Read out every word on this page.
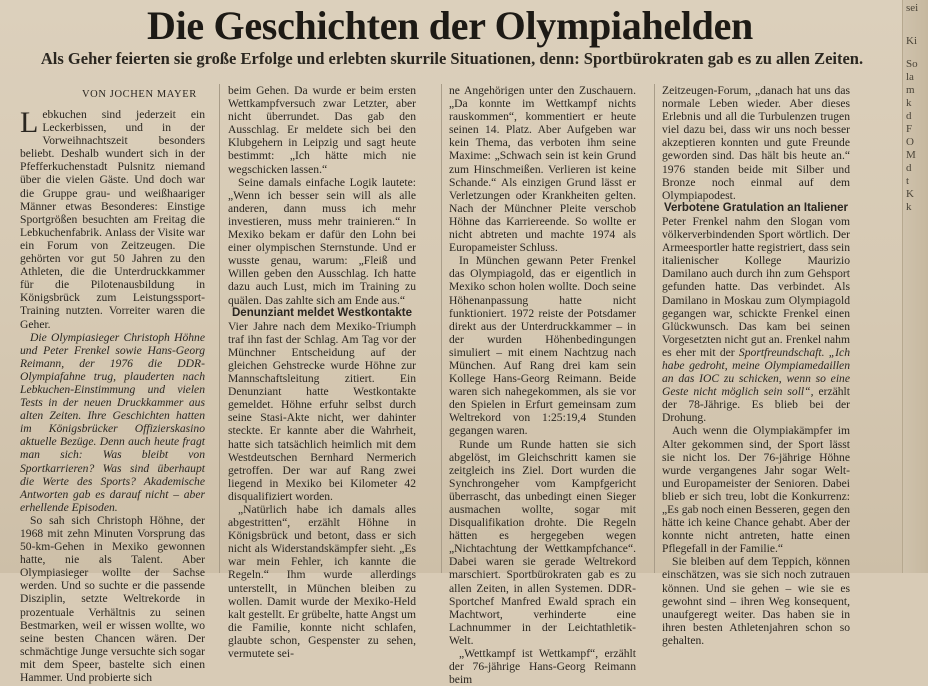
Die Geschichten der Olympiahelden
Als Geher feierten sie große Erfolge und erlebten skurrile Situationen, denn: Sportbürokraten gab es zu allen Zeiten.
VON JOCHEN MAYER

Lebkuchen sind jederzeit ein Leckerbissen, und in der Vorweihnachtszeit besonders beliebt. Deshalb wundert sich in der Pfefferkuchenstadt Pulsnitz niemand über die vielen Gäste. Und doch war die Gruppe grau- und weißhaariger Männer etwas Besonderes: Einstige Sportgrößen besuchten am Freitag die Lebkuchenfabrik. Anlass der Visite war ein Forum von Zeitzeugen. Die gehörten vor gut 50 Jahren zu den Athleten, die die Unterdruckkammer für die Pilotenausbildung in Königsbrück zum Leistungssport-Training nutzten. Vorreiter waren die Geher.

Die Olympiasieger Christoph Höhne und Peter Frenkel sowie Hans-Georg Reimann, der 1976 die DDR-Olympiafahne trug, plauderten nach Lebkuchen-Einstimmung und vielen Tests in der neuen Druckkammer aus alten Zeiten. Ihre Geschichten hatten im Königsbrücker Offizierskasino aktuelle Bezüge. Denn auch heute fragt man sich: Was bleibt von Sportkarrieren? Was sind überhaupt die Werte des Sports? Akademische Antworten gab es darauf nicht – aber erhellende Episoden.

So sah sich Christoph Höhne, der 1968 mit zehn Minuten Vorsprung das 50-km-Gehen in Mexiko gewonnen hatte, nie als Talent. Aber Olympiasieger wollte der Sachse werden. Und so suchte er die passende Disziplin, setzte Weltrekorde in prozentuale Verhältnis zu seinen Bestmarken, weil er wissen wollte, wo seine besten Chancen wären. Der schmächtige Junge versuchte sich sogar mit dem Speer, bastelte sich einen Hammer. Und probierte sich

beim Gehen. Da wurde er beim ersten Wettkampfversuch zwar Letzter, aber nicht überrundet. Das gab den Ausschlag. Er meldete sich bei den Klubgehern in Leipzig und sagt heute bestimmt: „Ich hätte mich nie wegschicken lassen.“

Seine damals einfache Logik lautete: „Wenn ich besser sein will als alle anderen, dann muss ich mehr investieren, muss mehr trainieren.“ In Mexiko bekam er dafür den Lohn bei einer olympischen Sternstunde. Und er wusste genau, warum: „Fleiß und Willen geben den Ausschlag. Ich hatte dazu auch Lust, mich im Training zu quälen. Das zahlte sich am Ende aus.“

Denunziant meldet Westkontakte

Vier Jahre nach dem Mexiko-Triumph traf ihn fast der Schlag. Am Tag vor der Münchner Entscheidung auf der gleichen Gehstrecke wurde Höhne zur Mannschaftsleitung zitiert. Ein Denunziant hatte Westkontakte gemeldet. Höhne erfuhr selbst durch seine Stasi-Akte nicht, wer dahinter steckte. Er kannte aber die Wahrheit, hatte sich tatsächlich heimlich mit dem Westdeutschen Bernhard Nermerich getroffen. Der war auf Rang zwei liegend in Mexiko bei Kilometer 42 disqualifiziert worden.

„Natürlich habe ich damals alles abgestritten“, erzählt Höhne in Königsbrück und betont, dass er sich nicht als Widerstandskämpfer sieht. „Es war mein Fehler, ich kannte die Regeln.“ Ihm wurde allerdings unterstellt, in München bleiben zu wollen. Damit wurde der Mexiko-Held kalt gestellt. Er grübelte, hatte Angst um die Familie, konnte nicht schlafen, glaubte schon, Gespenster zu sehen, vermutete sei-

ne Angehörigen unter den Zuschauern. „Da konnte im Wettkampf nichts rauskommen“, kommentiert er heute seinen 14. Platz. Aber Aufgeben war kein Thema, das verboten ihm seine Maxime: „Schwach sein ist kein Grund zum Hinschmeißen. Verlieren ist keine Schande.“ Als einzigen Grund lässt er Verletzungen oder Krankheiten gelten. Nach der Münchner Pleite verschob Höhne das Karriereende. So wollte er nicht abtreten und machte 1974 als Europameister Schluss.

In München gewann Peter Frenkel das Olympiagold, das er eigentlich in Mexiko schon holen wollte. Doch seine Höhenanpassung hatte nicht funktioniert. 1972 reiste der Potsdamer direkt aus der Unterdruckkammer – in der wurden Höhenbedingungen simuliert – mit einem Nachtzug nach München. Auf Rang drei kam sein Kollege Hans-Georg Reimann. Beide waren sich nahegekommen, als sie vor den Spielen in Erfurt gemeinsam zum Weltrekord von 1:25:19,4 Stunden gegangen waren.

Runde um Runde hatten sie sich abgelöst, im Gleichschritt kamen sie zeitgleich ins Ziel. Dort wurden die Synchrongeher vom Kampfgericht überrascht, das unbedingt einen Sieger ausmachen wollte, sogar mit Disqualifikation drohte. Die Regeln hätten es hergegeben wegen „Nichtachtung der Wettkampfchance“. Dabei waren sie gerade Weltrekord marschiert. Sportbürokraten gab es zu allen Zeiten, in allen Systemen. DDR-Sportchef Manfred Ewald sprach ein Machtwort, verhinderte eine Lachnummer in der Leichtathletik-Welt.

„Wettkampf ist Wettkampf“, erzählt der 76-jährige Hans-Georg Reimann beim

Zeitzeugen-Forum, „danach hat uns das normale Leben wieder. Aber dieses Erlebnis und all die Turbulenzen trugen viel dazu bei, dass wir uns noch besser akzeptieren konnten und gute Freunde geworden sind. Das hält bis heute an.“ 1976 standen beide mit Silber und Bronze noch einmal auf dem Olympiapodest.

Verbotene Gratulation an Italiener

Peter Frenkel nahm den Slogan vom völkerverbindenden Sport wörtlich. Der Armeesportler hatte registriert, dass sein italienischer Kollege Maurizio Damilano auch durch ihn zum Gehsport gefunden hatte. Das verbindet. Als Damilano in Moskau zum Olympiagold gegangen war, schickte Frenkel einen Glückwunsch. Das kam bei seinen Vorgesetzten nicht gut an. Frenkel nahm es eher mit der Sportfreundschaft. „Ich habe gedroht, meine Olympiamedaillen an das IOC zu schicken, wenn so eine Geste nicht möglich sein soll“, erzählt der 78-Jährige. Es blieb bei der Drohung.

Auch wenn die Olympiakämpfer im Alter gekommen sind, der Sport lässt sie nicht los. Der 76-jährige Höhne wurde vergangenes Jahr sogar Welt- und Europameister der Senioren. Dabei blieb er sich treu, lobt die Konkurrenz: „Es gab noch einen Besseren, gegen den hätte ich keine Chance gehabt. Aber der konnte nicht antreten, hatte einen Pflegefall in der Familie.“

Sie bleiben auf dem Teppich, können einschätzen, was sie sich noch zutrauen können. Und sie gehen – wie sie es gewohnt sind – ihren Weg konsequent, unaufgeregt weiter. Das haben sie in ihren besten Athletenjahren schon so gehalten.

sei
Ki
So
la
m
k
d
F
O
M
d
t
K
k
